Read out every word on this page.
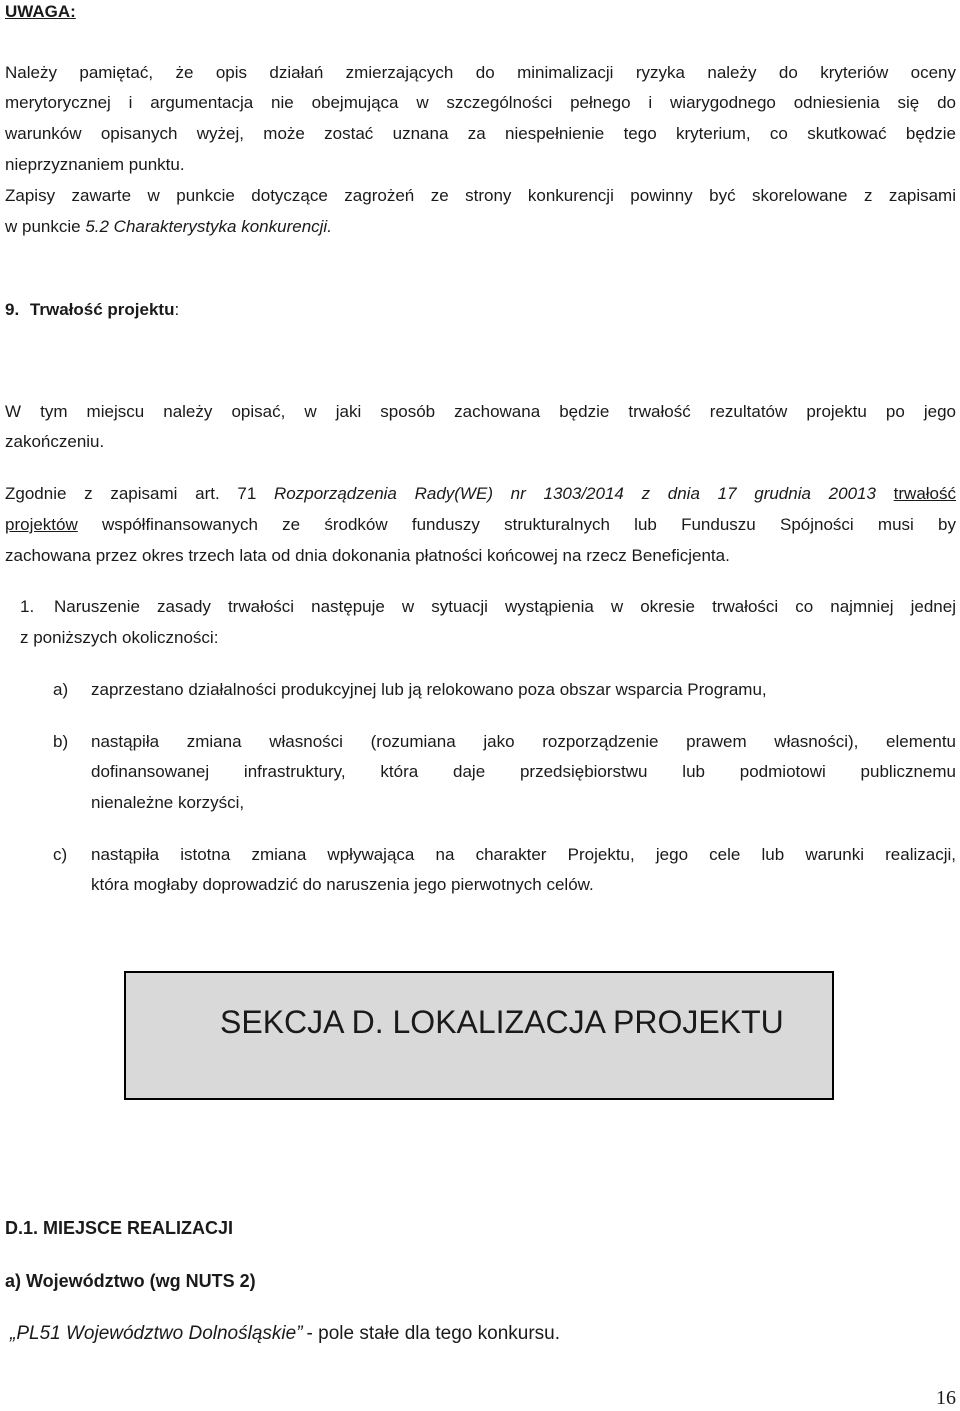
UWAGA:
Należy pamiętać, że opis działań zmierzających do minimalizacji ryzyka należy do kryteriów oceny
merytorycznej i argumentacja nie obejmująca w szczególności pełnego i wiarygodnego odniesienia się do
warunków opisanych wyżej, może zostać uznana za niespełnienie tego kryterium, co skutkować będzie
nieprzyznaniem punktu.
Zapisy zawarte w punkcie dotyczące zagrożeń ze strony konkurencji powinny być skorelowane z zapisami
w punkcie 5.2 Charakterystyka konkurencji.
9. Trwałość projektu:
W tym miejscu należy opisać, w jaki sposób zachowana będzie trwałość rezultatów projektu po jego
zakończeniu.
Zgodnie z zapisami art. 71 Rozporządzenia Rady(WE) nr 1303/2014 z dnia 17 grudnia 20013 trwałość
projektów współfinansowanych ze środków funduszy strukturalnych lub Funduszu Spójności musi by
zachowana przez okres trzech lata od dnia dokonania płatności końcowej na rzecz Beneficjenta.
1. Naruszenie zasady trwałości następuje w sytuacji wystąpienia w okresie trwałości co najmniej jednej
z poniższych okoliczności:
a) zaprzestano działalności produkcyjnej lub ją relokowano poza obszar wsparcia Programu,
b) nastąpiła zmiana własności (rozumiana jako rozporządzenie prawem własności), elementu
dofinansowanej infrastruktury, która daje przedsiębiorstwu lub podmiotowi publicznemu
nienależne korzyści,
c) nastąpiła istotna zmiana wpływająca na charakter Projektu, jego cele lub warunki realizacji,
która mogłaby doprowadzić do naruszenia jego pierwotnych celów.
SEKCJA D. LOKALIZACJA PROJEKTU
D.1. MIEJSCE REALIZACJI
a) Województwo (wg NUTS 2)
„PL51 Województwo Dolnośląskie” - pole stałe dla tego konkursu.
16
